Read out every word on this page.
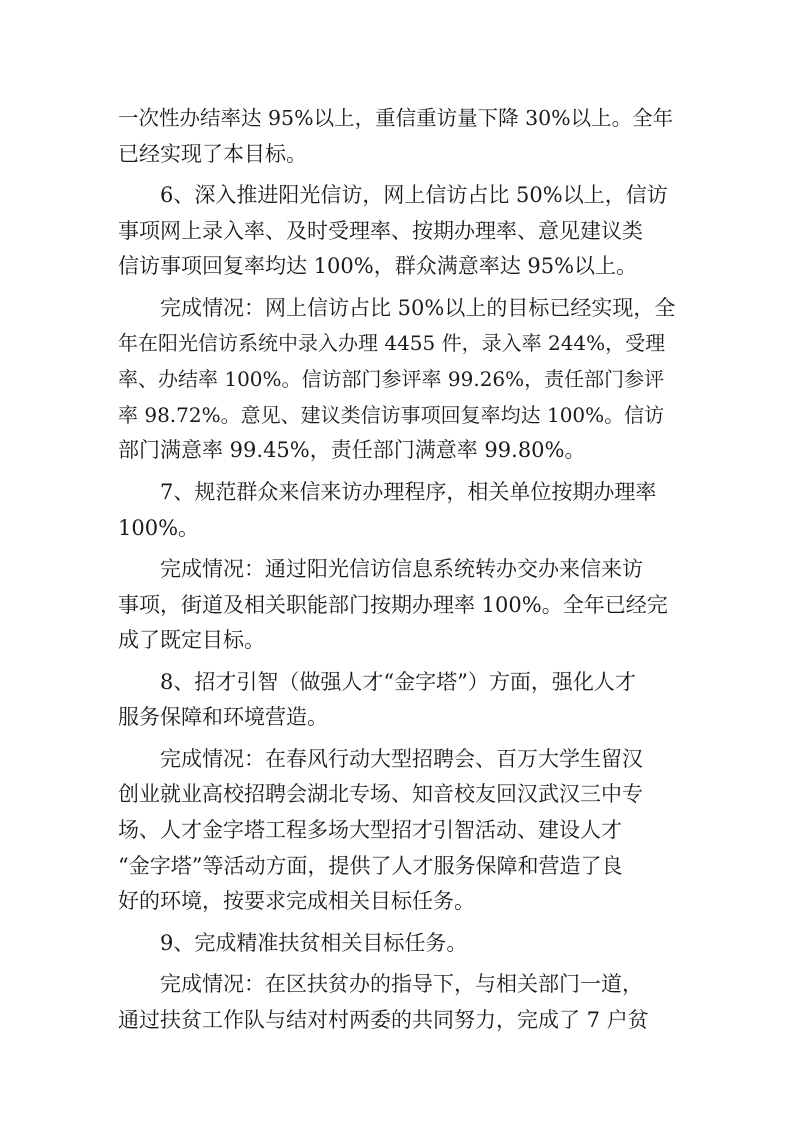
一次性办结率达 95%以上，重信重访量下降 30%以上。全年
已经实现了本目标。
6、深入推进阳光信访，网上信访占比 50%以上，信访
事项网上录入率、及时受理率、按期办理率、意见建议类
信访事项回复率均达 100%，群众满意率达 95%以上。
完成情况：网上信访占比 50%以上的目标已经实现，全
年在阳光信访系统中录入办理 4455 件，录入率 244%，受理
率、办结率 100%。信访部门参评率 99.26%，责任部门参评
率 98.72%。意见、建议类信访事项回复率均达 100%。信访
部门满意率 99.45%，责任部门满意率 99.80%。
7、规范群众来信来访办理程序，相关单位按期办理率
100%。
完成情况：通过阳光信访信息系统转办交办来信来访
事项，街道及相关职能部门按期办理率 100%。全年已经完
成了既定目标。
8、招才引智（做强人才“金字塔”）方面，强化人才
服务保障和环境营造。
完成情况：在春风行动大型招聘会、百万大学生留汉
创业就业高校招聘会湖北专场、知音校友回汉武汉三中专
场、人才金字塔工程多场大型招才引智活动、建设人才
“金字塔”等活动方面，提供了人才服务保障和营造了良
好的环境，按要求完成相关目标任务。
9、完成精准扶贫相关目标任务。
完成情况：在区扶贫办的指导下，与相关部门一道，
通过扶贫工作队与结对村两委的共同努力，完成了 7 户贫
